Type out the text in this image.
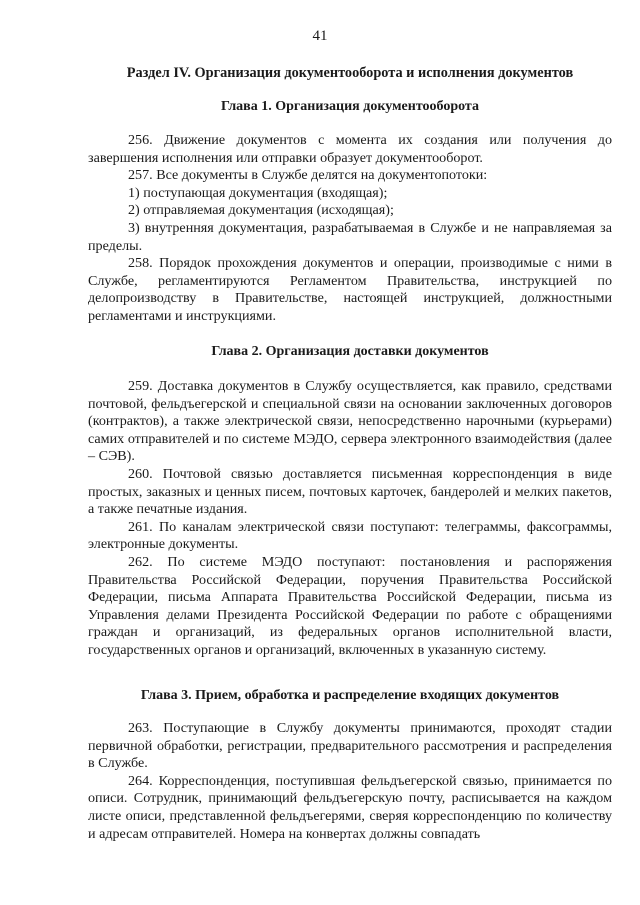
41
Раздел IV. Организация документооборота и исполнения документов
Глава 1. Организация документооборота

256. Движение документов с момента их создания или получения до завершения исполнения или отправки образует документооборот.

257. Все документы в Службе делятся на документопотоки:

1) поступающая документация (входящая);

2) отправляемая документация (исходящая);

3) внутренняя документация, разрабатываемая в Службе и не направляемая за пределы.

258. Порядок прохождения документов и операции, производимые с ними в Службе, регламентируются Регламентом Правительства, инструкцией по делопроизводству в Правительстве, настоящей инструкцией, должностными регламентами и инструкциями.

Глава 2. Организация доставки документов

259. Доставка документов в Службу осуществляется, как правило, средствами почтовой, фельдъегерской и специальной связи на основании заключенных договоров (контрактов), а также электрической связи, непосредственно нарочными (курьерами) самих отправителей и по системе МЭДО, сервера электронного взаимодействия (далее – СЭВ).

260. Почтовой связью доставляется письменная корреспонденция в виде простых, заказных и ценных писем, почтовых карточек, бандеролей и мелких пакетов, а также печатные издания.

261. По каналам электрической связи поступают: телеграммы, факсограммы, электронные документы.

262. По системе МЭДО поступают: постановления и распоряжения Правительства Российской Федерации, поручения Правительства Российской Федерации, письма Аппарата Правительства Российской Федерации, письма из Управления делами Президента Российской Федерации по работе с обращениями граждан и организаций, из федеральных органов исполнительной власти, государственных органов и организаций, включенных в указанную систему.

Глава 3. Прием, обработка и распределение входящих документов

263. Поступающие в Службу документы принимаются, проходят стадии первичной обработки, регистрации, предварительного рассмотрения и распределения в Службе.

264. Корреспонденция, поступившая фельдъегерской связью, принимается по описи. Сотрудник, принимающий фельдъегерскую почту, расписывается на каждом листе описи, представленной фельдъегерями, сверяя корреспонденцию по количеству и адресам отправителей. Номера на конвертах должны совпадать
